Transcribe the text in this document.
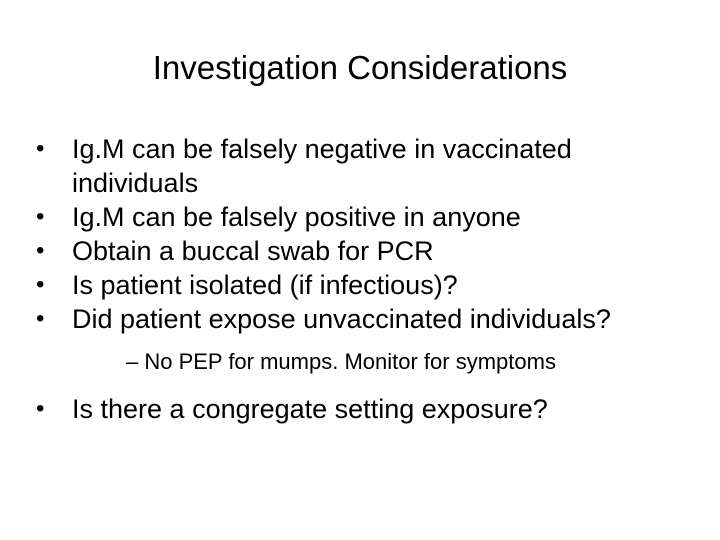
Investigation Considerations
•	Ig.M can be falsely negative in vaccinated individuals
•	Ig.M can be falsely positive in anyone
•	Obtain a buccal swab for PCR
•	Is patient isolated (if infectious)?
•	Did patient expose unvaccinated individuals?
– No PEP for mumps. Monitor for symptoms
•	Is there a congregate setting exposure?
